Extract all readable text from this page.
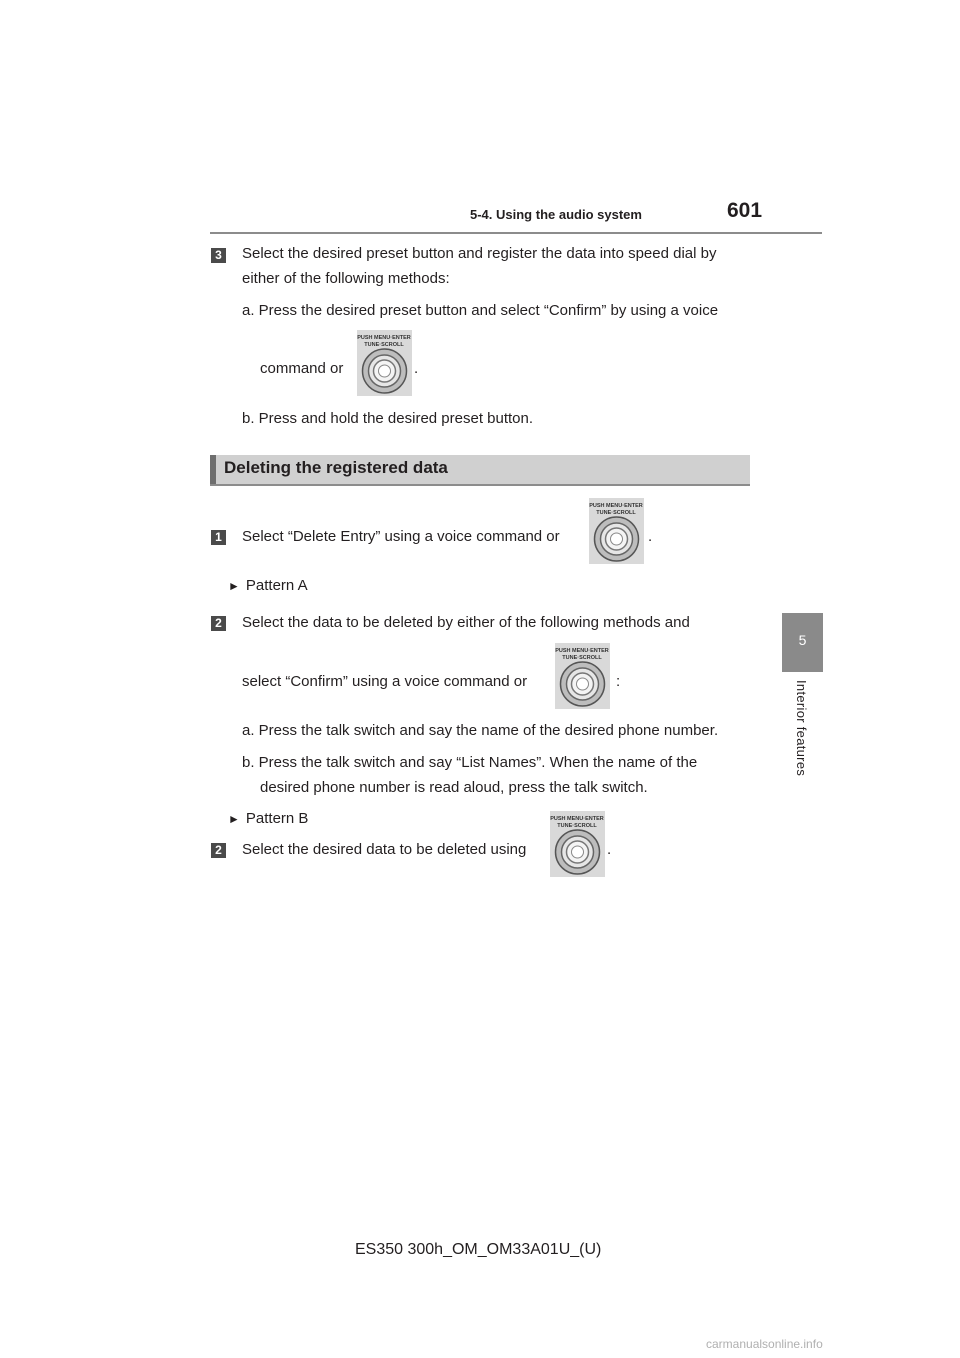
5-4. Using the audio system	601
5
Interior features
3 Select the desired preset button and register the data into speed dial by
either of the following methods:
a. Press the desired preset button and select “Confirm” by using a voice
command or
PUSH MENU·ENTER
TUNE·SCROLL
.
b. Press and hold the desired preset button.
Deleting the registered data
1 Select “Delete Entry” using a voice command or
PUSH MENU·ENTER
TUNE·SCROLL
.
► Pattern A
2 Select the data to be deleted by either of the following methods and
select “Confirm” using a voice command or
PUSH MENU·ENTER
TUNE·SCROLL
:
a. Press the talk switch and say the name of the desired phone number.
b. Press the talk switch and say “List Names”. When the name of the
desired phone number is read aloud, press the talk switch.
► Pattern B
2 Select the desired data to be deleted using
PUSH MENU·ENTER
TUNE·SCROLL
.
ES350 300h_OM_OM33A01U_(U)
carmanualsonline.info
